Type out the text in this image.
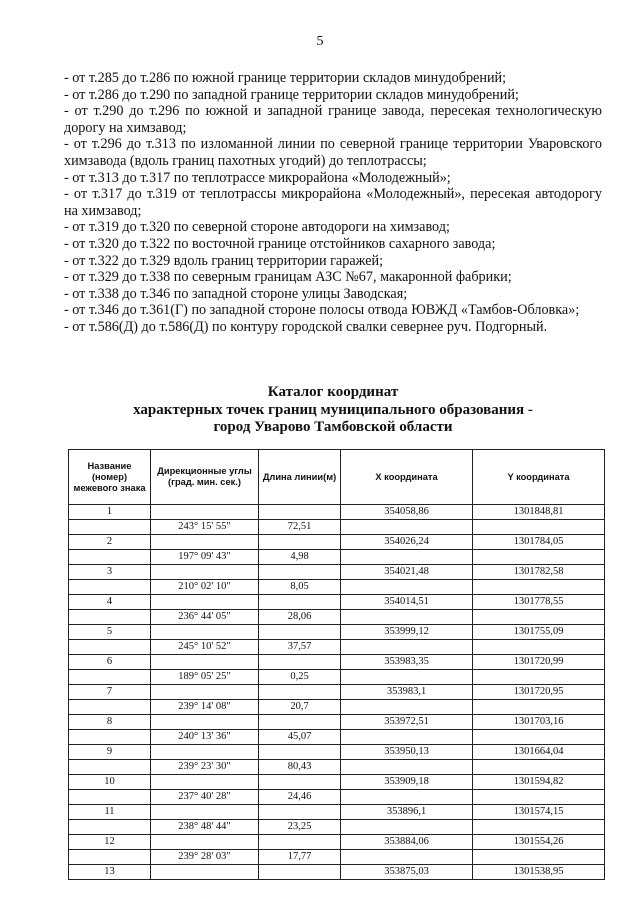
5

- от т.285 до т.286 по южной границе территории складов минудобрений;

- от т.286 до т.290 по западной границе территории складов минудобрений;

- от т.290 до т.296 по южной и западной границе завода, пересекая технологическую дорогу на химзавод;

- от т.296 до т.313 по изломанной линии по северной границе территории Уваровского химзавода (вдоль границ пахотных угодий) до теплотрассы;

- от т.313 до т.317 по теплотрассе микрорайона «Молодежный»;

- от т.317 до т.319 от теплотрассы микрорайона «Молодежный», пересекая автодорогу на химзавод;

- от т.319 до т.320 по северной стороне автодороги на химзавод;

- от т.320 до т.322 по восточной границе отстойников сахарного завода;

- от т.322 до т.329 вдоль границ территории гаражей;

- от т.329 до т.338 по северным границам АЗС №67, макаронной фабрики;

- от т.338 до т.346 по западной стороне улицы Заводская;

- от т.346 до т.361(Г) по западной стороне полосы отвода ЮВЖД «Тамбов-Обловка»;

- от т.586(Д) до т.586(Д) по контуру городской свалки севернее руч. Подгорный.

Каталог координат
характерных точек границ муниципального образования -
город Уварово Тамбовской области
Название (номер) межевого знака	Дирекционные углы (град. мин. сек.)	Длина линии(м)	X координата	Y координата
1			354058,86	1301848,81
	243° 15' 55"	72,51		
2			354026,24	1301784,05
	197° 09' 43"	4,98		
3			354021,48	1301782,58
	210° 02' 10"	8,05		
4			354014,51	1301778,55
	236° 44' 05"	28,06		
5			353999,12	1301755,09
	245° 10' 52"	37,57		
6			353983,35	1301720,99
	189° 05' 25"	0,25		
7			353983,1	1301720,95
	239° 14' 08"	20,7		
8			353972,51	1301703,16
	240° 13' 36"	45,07		
9			353950,13	1301664,04
	239° 23' 30"	80,43		
10			353909,18	1301594,82
	237° 40' 28"	24,46		
11			353896,1	1301574,15
	238° 48' 44"	23,25		
12			353884,06	1301554,26
	239° 28' 03"	17,77		
13			353875,03	1301538,95
